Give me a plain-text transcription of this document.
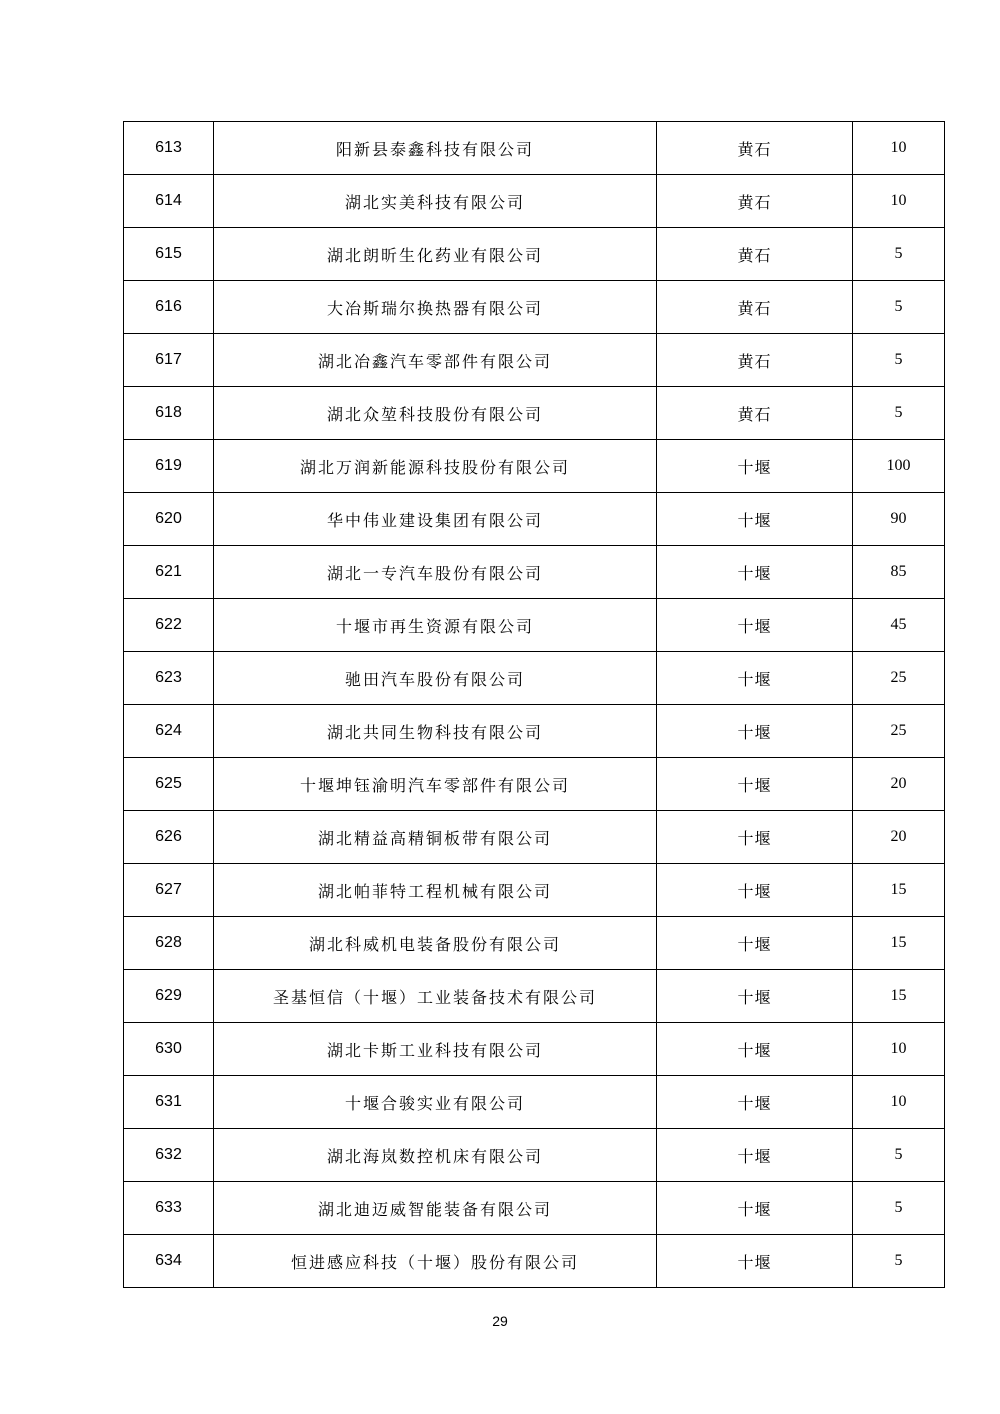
613	阳新县泰鑫科技有限公司	黄石	10
614	湖北实美科技有限公司	黄石	10
615	湖北朗昕生化药业有限公司	黄石	5
616	大冶斯瑞尔换热器有限公司	黄石	5
617	湖北冶鑫汽车零部件有限公司	黄石	5
618	湖北众堃科技股份有限公司	黄石	5
619	湖北万润新能源科技股份有限公司	十堰	100
620	华中伟业建设集团有限公司	十堰	90
621	湖北一专汽车股份有限公司	十堰	85
622	十堰市再生资源有限公司	十堰	45
623	驰田汽车股份有限公司	十堰	25
624	湖北共同生物科技有限公司	十堰	25
625	十堰坤钰渝明汽车零部件有限公司	十堰	20
626	湖北精益高精铜板带有限公司	十堰	20
627	湖北帕菲特工程机械有限公司	十堰	15
628	湖北科威机电装备股份有限公司	十堰	15
629	圣基恒信（十堰）工业装备技术有限公司	十堰	15
630	湖北卡斯工业科技有限公司	十堰	10
631	十堰合骏实业有限公司	十堰	10
632	湖北海岚数控机床有限公司	十堰	5
633	湖北迪迈威智能装备有限公司	十堰	5
634	恒进感应科技（十堰）股份有限公司	十堰	5
29
